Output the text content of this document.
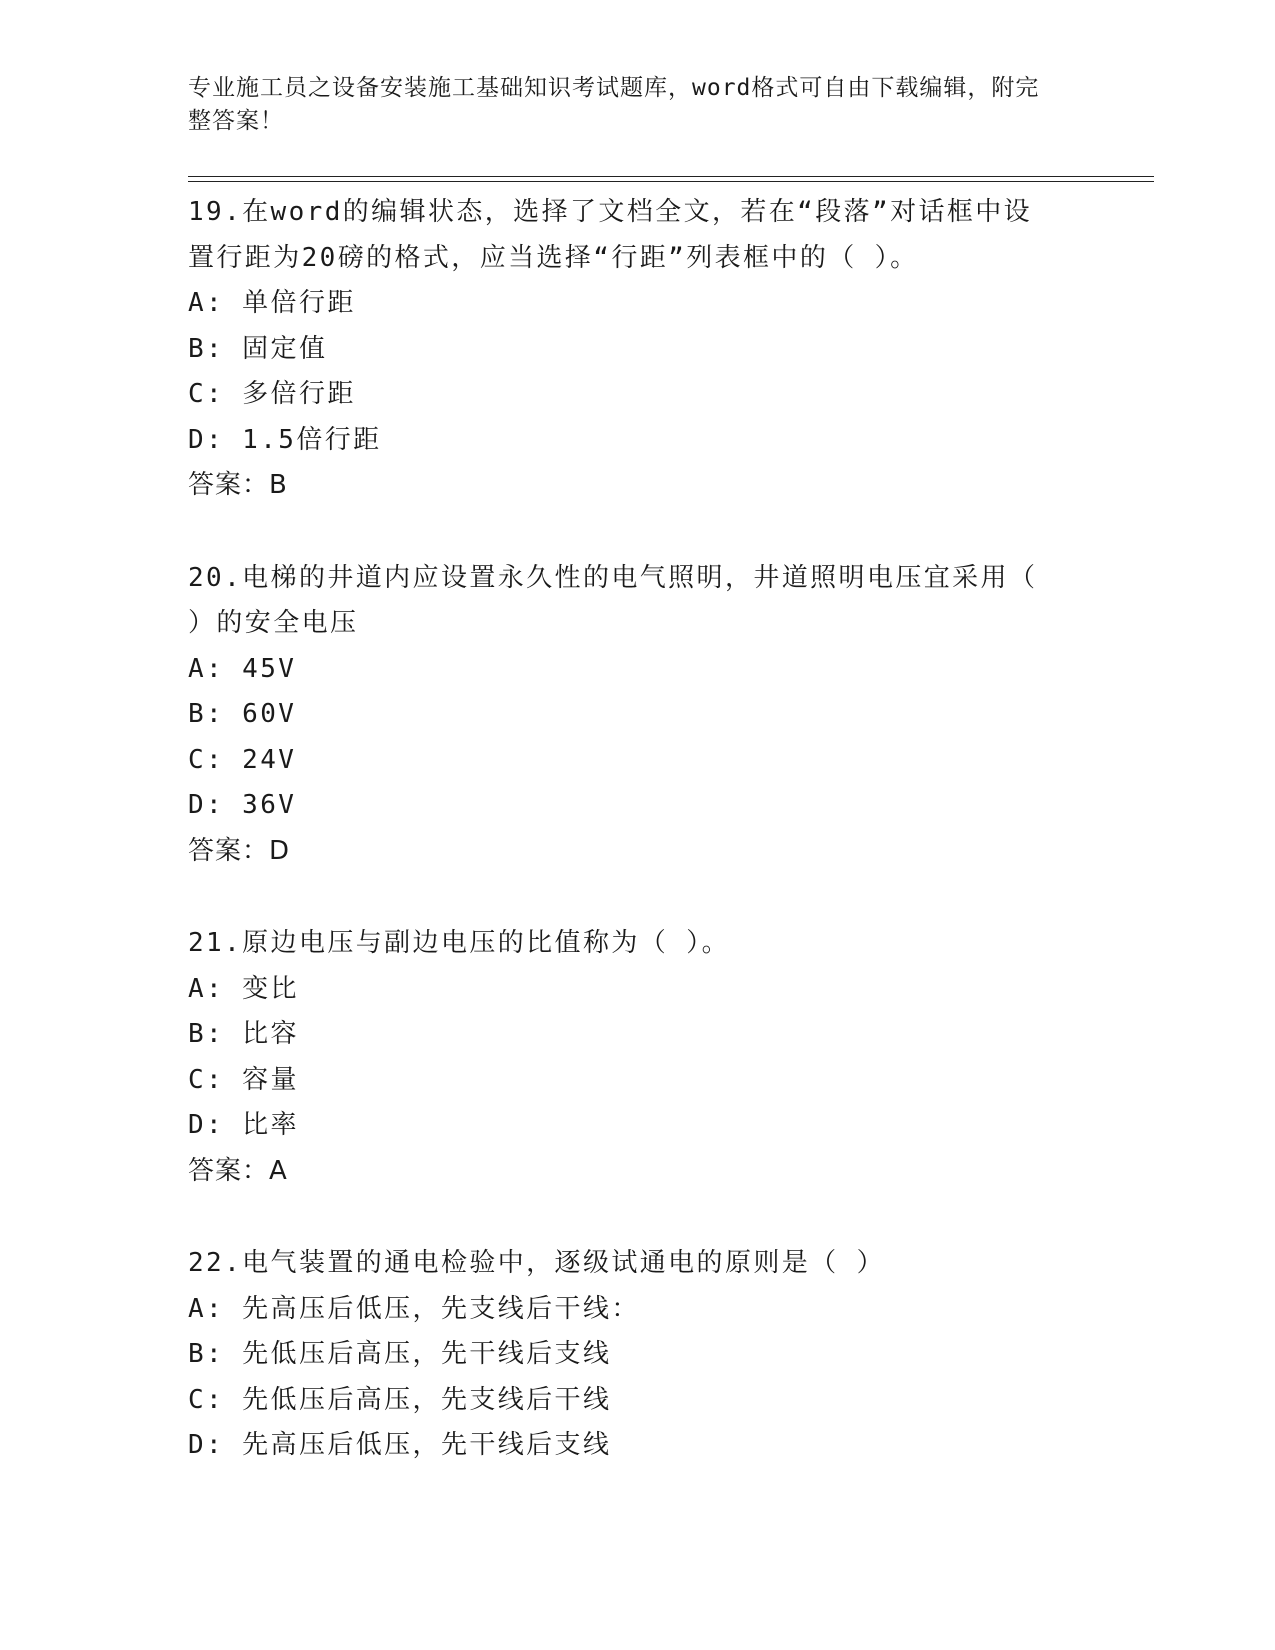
专业施工员之设备安装施工基础知识考试题库，word格式可自由下载编辑，附完
整答案！
19.在word的编辑状态，选择了文档全文，若在“段落”对话框中设
置行距为20磅的格式，应当选择“行距”列表框中的（ ）。
A: 单倍行距
B: 固定值
C: 多倍行距
D: 1.5倍行距
答案：B
20.电梯的井道内应设置永久性的电气照明，井道照明电压宜采用（
）的安全电压
A: 45V
B: 60V
C: 24V
D: 36V
答案：D
21.原边电压与副边电压的比值称为（ ）。
A: 变比
B: 比容
C: 容量
D: 比率
答案：A
22.电气装置的通电检验中，逐级试通电的原则是（ ）
A: 先高压后低压，先支线后干线：
B: 先低压后高压，先干线后支线
C: 先低压后高压，先支线后干线
D: 先高压后低压，先干线后支线
